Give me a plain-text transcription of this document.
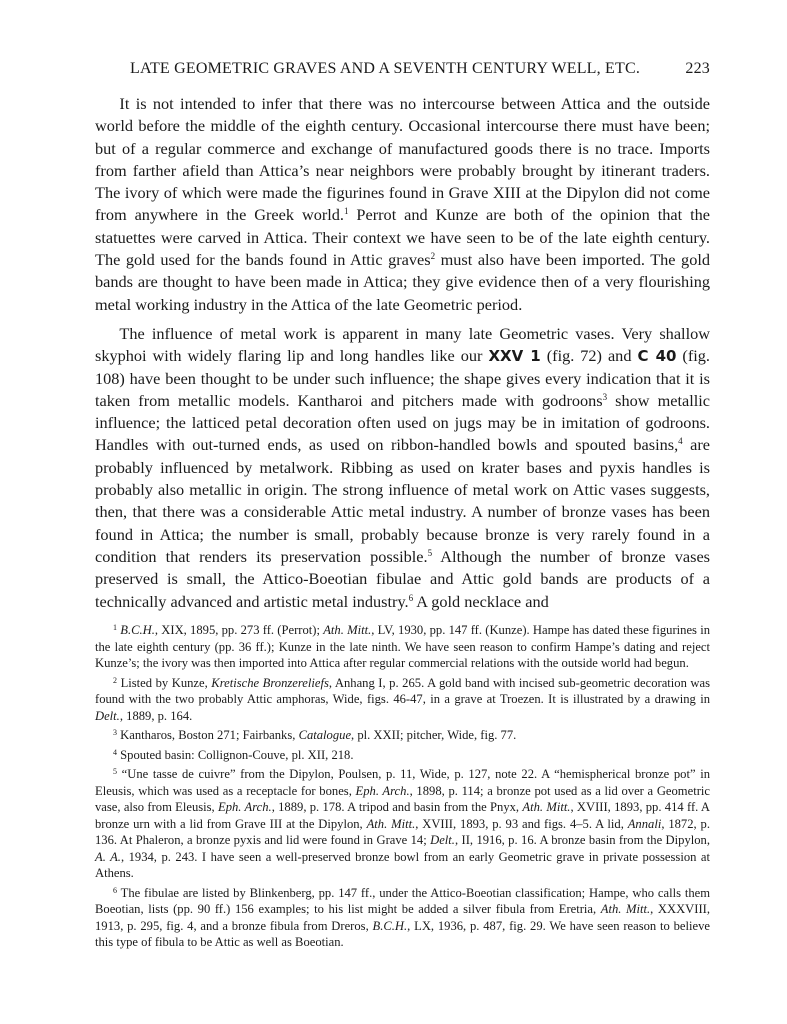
LATE GEOMETRIC GRAVES AND A SEVENTH CENTURY WELL, ETC.	223

  It is not intended to infer that there was no intercourse between Attica and the outside world before the middle of the eighth century. Occasional intercourse there must have been; but of a regular commerce and exchange of manufactured goods there is no trace. Imports from farther afield than Attica’s near neighbors were probably brought by itinerant traders. The ivory of which were made the figurines found in Grave XIII at the Dipylon did not come from anywhere in the Greek world.$^1$ Perrot and Kunze are both of the opinion that the statuettes were carved in Attica. Their context we have seen to be of the late eighth century. The gold used for the bands found in Attic graves$^2$ must also have been imported. The gold bands are thought to have been made in Attica; they give evidence then of a very flourishing metal working industry in the Attica of the late Geometric period.

  The influence of metal work is apparent in many late Geometric vases. Very shallow skyphoi with widely flaring lip and long handles like our XXV 1 (fig. 72) and C 40 (fig. 108) have been thought to be under such influence; the shape gives every indication that it is taken from metallic models. Kantharoi and pitchers made with godroons$^3$ show metallic influence; the latticed petal decoration often used on jugs may be in imitation of godroons. Handles with out-turned ends, as used on ribbon-handled bowls and spouted basins,$^4$ are probably influenced by metalwork. Ribbing as used on krater bases and pyxis handles is probably also metallic in origin. The strong influence of metal work on Attic vases suggests, then, that there was a considerable Attic metal industry. A number of bronze vases has been found in Attica; the number is small, probably because bronze is very rarely found in a condition that renders its preservation possible.$^5$ Although the number of bronze vases preserved is small, the Attico-Boeotian fibulae and Attic gold bands are products of a technically advanced and artistic metal industry.$^6$ A gold necklace and

$^1$ B.C.H., XIX, 1895, pp. 273 ff. (Perrot); Ath. Mitt., LV, 1930, pp. 147 ff. (Kunze). Hampe has dated these figurines in the late eighth century (pp. 36 ff.); Kunze in the late ninth. We have seen reason to confirm Hampe’s dating and reject Kunze’s; the ivory was then imported into Attica after regular commercial relations with the outside world had begun.

$^2$ Listed by Kunze, Kretische Bronzereliefs, Anhang I, p. 265. A gold band with incised sub-geometric decoration was found with the two probably Attic amphoras, Wide, figs. 46-47, in a grave at Troezen. It is illustrated by a drawing in Delt., 1889, p. 164.

$^3$ Kantharos, Boston 271; Fairbanks, Catalogue, pl. XXII; pitcher, Wide, fig. 77.

$^4$ Spouted basin: Collignon-Couve, pl. XII, 218.

$^5$ “Une tasse de cuivre” from the Dipylon, Poulsen, p. 11, Wide, p. 127, note 22. A “hemispherical bronze pot” in Eleusis, which was used as a receptacle for bones, Eph. Arch., 1898, p. 114; a bronze pot used as a lid over a Geometric vase, also from Eleusis, Eph. Arch., 1889, p. 178. A tripod and basin from the Pnyx, Ath. Mitt., XVIII, 1893, pp. 414 ff. A bronze urn with a lid from Grave III at the Dipylon, Ath. Mitt., XVIII, 1893, p. 93 and figs. 4–5. A lid, Annali, 1872, p. 136. At Phaleron, a bronze pyxis and lid were found in Grave 14; Delt., II, 1916, p. 16. A bronze basin from the Dipylon, A. A., 1934, p. 243. I have seen a well-preserved bronze bowl from an early Geometric grave in private possession at Athens.

$^6$ The fibulae are listed by Blinkenberg, pp. 147 ff., under the Attico-Boeotian classification; Hampe, who calls them Boeotian, lists (pp. 90 ff.) 156 examples; to his list might be added a silver fibula from Eretria, Ath. Mitt., XXXVIII, 1913, p. 295, fig. 4, and a bronze fibula from Dreros, B.C.H., LX, 1936, p. 487, fig. 29. We have seen reason to believe this type of fibula to be Attic as well as Boeotian.
